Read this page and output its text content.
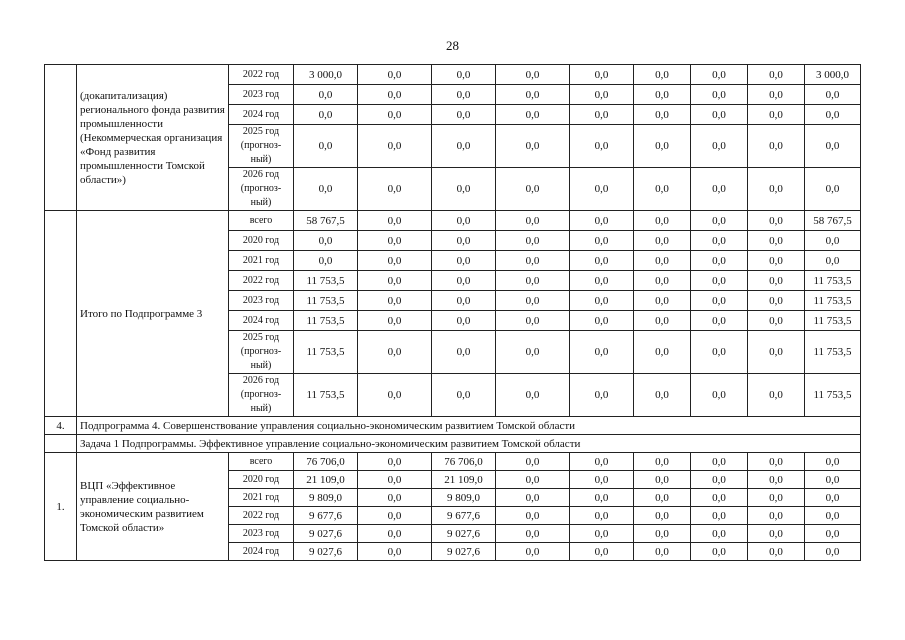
28
	(докапитализация) регионального фонда развития промышленности (Некоммерческая организация «Фонд развития промышленности Томской области»)	2022 год	3 000,0	0,0	0,0	0,0	0,0	0,0	0,0	0,0	3 000,0
		2023 год	0,0	0,0	0,0	0,0	0,0	0,0	0,0	0,0	0,0
		2024 год	0,0	0,0	0,0	0,0	0,0	0,0	0,0	0,0	0,0
		2025 год (прогноз-ный)	0,0	0,0	0,0	0,0	0,0	0,0	0,0	0,0	0,0
		2026 год (прогноз-ный)	0,0	0,0	0,0	0,0	0,0	0,0	0,0	0,0	0,0
	Итого по Подпрограмме 3	всего	58 767,5	0,0	0,0	0,0	0,0	0,0	0,0	0,0	58 767,5
		2020 год	0,0	0,0	0,0	0,0	0,0	0,0	0,0	0,0	0,0
		2021 год	0,0	0,0	0,0	0,0	0,0	0,0	0,0	0,0	0,0
		2022 год	11 753,5	0,0	0,0	0,0	0,0	0,0	0,0	0,0	11 753,5
		2023 год	11 753,5	0,0	0,0	0,0	0,0	0,0	0,0	0,0	11 753,5
		2024 год	11 753,5	0,0	0,0	0,0	0,0	0,0	0,0	0,0	11 753,5
		2025 год (прогноз-ный)	11 753,5	0,0	0,0	0,0	0,0	0,0	0,0	0,0	11 753,5
		2026 год (прогноз-ный)	11 753,5	0,0	0,0	0,0	0,0	0,0	0,0	0,0	11 753,5
4.	Подпрограмма 4. Совершенствование управления социально-экономическим развитием Томской области										
	Задача 1 Подпрограммы. Эффективное управление социально-экономическим развитием Томской области										
1.	ВЦП «Эффективное управление социально-экономическим развитием Томской области»	всего	76 706,0	0,0	76 706,0	0,0	0,0	0,0	0,0	0,0	0,0
		2020 год	21 109,0	0,0	21 109,0	0,0	0,0	0,0	0,0	0,0	0,0
		2021 год	9 809,0	0,0	9 809,0	0,0	0,0	0,0	0,0	0,0	0,0
		2022 год	9 677,6	0,0	9 677,6	0,0	0,0	0,0	0,0	0,0	0,0
		2023 год	9 027,6	0,0	9 027,6	0,0	0,0	0,0	0,0	0,0	0,0
		2024 год	9 027,6	0,0	9 027,6	0,0	0,0	0,0	0,0	0,0	0,0
